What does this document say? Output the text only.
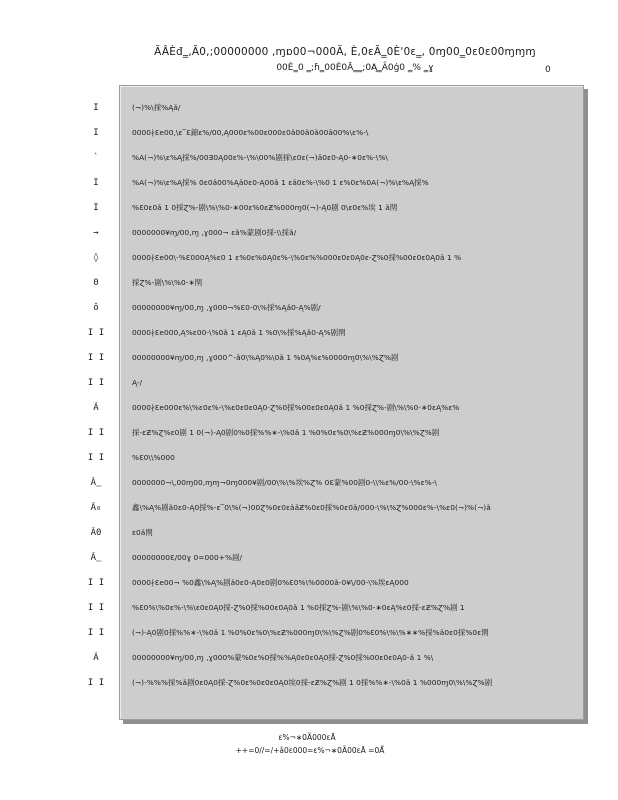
ÃÂÈđ‗,Ã0,;00000000 ,ɱɒ00¬000Ã, È,0ɛÃ‗0È'0ɛ‗, 0ɱ00‗0ɛ0ɛ00ɱɱɱ
00È‗0 ‗;ɦ‗00È0Ā‗‗;0Ą‗Ã0ǵ0 ‗% ‗ɣ	0
I	(¬)%\採%Ąǎ/
I	0000∤Ɛe00,\ɛ‾Ɛ錦ɛ%/00,Ą000ɛ%00ɛ000ɛ0ǎ00ǎ0ǎ00ǎ00%\ɛ%-\
`	%A(¬)%\ɛ%Ą採%/00Ǝ0Ą00ɛ%-\%\00%剧採\ɛ0ɛ(¬)ǎ0ɛ0-Ą0-∗0ɛ%-\%\
I	%A(¬)%\ɛ%Ą採% 0ɛ0ǎ00%Ąǎ0ɛ0-Ą00ǎ 1 ɛǎ0ɛ%-\%0 1 ɛ%0ɛ%0A(¬)%\ɛ%Ą採%
I	%Ɛ0ɛ0ǎ 1 0採Ɀ%-剧\%\%0-∗00ɛ%0ɛƵ%000ɱ0(¬)-Ą0剧 0\ɛ0ɛ%埃 1 ǎ閈
→	0000000¥ɱ/00,ɱ ,ɣ000¬ ɛǎ%蒙剧0採-\\採ǎ/
◊	0000∤Ɛe00\-%Ɛ000Ą%ɛ0 1 ɛ%0ɛ%0Ą0ɛ%-\%0ɛ%%000ɛ0ɛ0Ą0ɛ-Ɀ%0採%00ɛ0ɛ0Ą0ǎ 1 %
0	採Ɀ%-剧\%\%0-∗閈
ǒ	00000000¥ɱ/00,ɱ ,ɣ000¬%Ɛ0-0\%採%Ąǎ0-Ą%剧/
I I	0000∤Ɛe000,Ą%ɛ00-\%0ǎ 1 ɛĄ0ǎ 1 %0\%採%Ąǎ0-Ą%剧閈
I I	00000000¥ɱ/00,ɱ ,ɣ000^-ǎ0\%Ą0%\0ǎ 1 %0Ą%ɛ%0000ɱ0\%\%Ɀ%剧
I I	Ą-/
Ã	0000∤Ɛe000ɛ%\%ɛ0ɛ%-\%ɛ0ɛ0ɛ0Ą0-Ɀ%0採%00ɛ0ɛ0Ą0ǎ 1 %0採Ɀ%-剧\%\%0-∗0ɛĄ%ɛ%
I I	採-ɛƵ%Ɀ%ɛ0剧 1 0(¬)-Ą0剧0%0採%%∗-\%0ǎ 1 %0%0ɛ%0\%ɛƵ%000ɱ0\%\%Ɀ%剧
I I	%Ɛ0\\%000
Ã‗	0000000¬\,00ɱ00,ɱɱ¬0ɱ000¥剧/00\%\%埃%Ɀ% 0Ɛ蒙%00剧0-\\%ɛ%/00-\%ɛ%-\
Ã₀	鑫\%Ą%剧ǎ0ɛ0-Ą0採%-ɛ‾0\%(¬)00Ɀ%0ɛ0ɛǎǎƵ%0ɛ0採%0ɛ0ǎ/000-\%\%Ɀ%000ɛ%-\%ɛ0(¬)%(¬)ǎ
Ã0	ɛ0ǎ閈
Ã‗	00000000Ɛ/00ɣ 0=000+%剧/
I I	0000∤Ɛe00¬ %0鑫\%Ą%剧ǎ0ɛ0-Ą0ɛ0剧0%Ɛ0%\%0000ǎ-0¥\/00-\%埃ɛĄ000
I I	%Ɛ0%\%0ɛ%-\%\ɛ0ɛ0Ą0採-Ɀ%0採%00ɛ0Ą0ǎ 1 %0採Ɀ%-剧\%\%0-∗0ɛĄ%ɛ0採-ɛƵ%Ɀ%剧 1
I I	(¬)-Ą0剧0採%%∗-\%0ǎ 1 %0%0ɛ%0\%ɛƵ%000ɱ0\%\%Ɀ%剧0%Ɛ0%\%\%∗∗%採%ǎ0ɛ0採%0ɛ閈
Ã	00000000¥ɱ/00,ɱ ,ɣ000%蒙%0ɛ%0採%%Ą0ɛ0ɛ0Ą0採-Ɀ%0採%00ɛ0ɛ0Ą0-ǎ 1 %\
I I	(¬)-%%%採%ǎ剧0ɛ0Ą0採-Ɀ%0ɛ%0ɛ0ɛ0Ą0埃0採-ɛƵ%Ɀ%剧 1 0採%%∗-\%0ǎ 1 %000ɱ0\%\%Ɀ%剧
ɛ%¬∗0Ã000ɛĀ
++=0//=/+ǎ0ɛ000=ɛ%¬∗0Ã00ɛĀ =0Ǻ
